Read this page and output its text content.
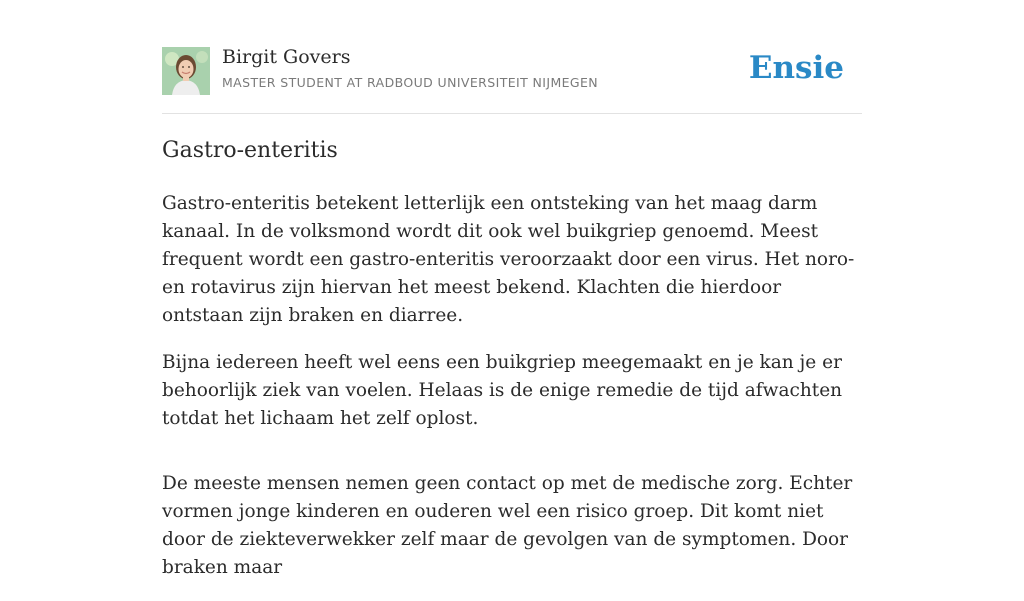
Birgit Govers
MASTER STUDENT AT RADBOUD UNIVERSITEIT NIJMEGEN	Ensie
Gastro-enteritis

Gastro-enteritis betekent letterlijk een ontsteking van het maag darm kanaal. In de volksmond wordt dit ook wel buikgriep genoemd. Meest frequent wordt een gastro-enteritis veroorzaakt door een virus. Het noro- en rotavirus zijn hiervan het meest bekend. Klachten die hierdoor ontstaan zijn braken en diarree.

Bijna iedereen heeft wel eens een buikgriep meegemaakt en je kan je er behoorlijk ziek van voelen. Helaas is de enige remedie de tijd afwachten totdat het lichaam het zelf oplost.

De meeste mensen nemen geen contact op met de medische zorg. Echter vormen jonge kinderen en ouderen wel een risico groep. Dit komt niet door de ziekteverwekker zelf maar de gevolgen van de symptomen. Door braken maar
